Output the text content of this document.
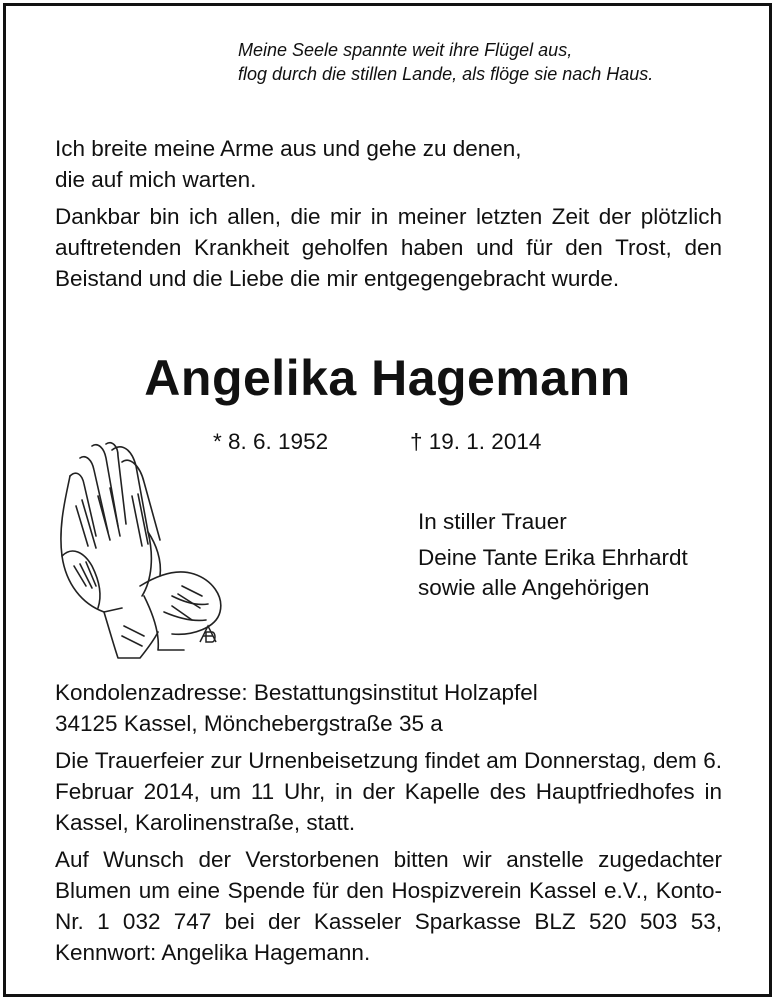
Meine Seele spannte weit ihre Flügel aus,

flog durch die stillen Lande, als flöge sie nach Haus.

Ich breite meine Arme aus und gehe zu denen,

die auf mich warten.

Dankbar bin ich allen, die mir in meiner letzten Zeit der plötzlich auftretenden Krankheit geholfen haben und für den Trost, den Beistand und die Liebe die mir entgegengebracht wurde.

Angelika Hagemann
* 8. 6. 1952	† 19. 1. 2014

In stiller Trauer

Deine Tante Erika Ehrhardt

sowie alle Angehörigen

Kondolenzadresse: Bestattungsinstitut Holzapfel

34125 Kassel, Mönchebergstraße 35 a

Die Trauerfeier zur Urnenbeisetzung findet am Donnerstag, dem 6. Februar 2014, um 11 Uhr, in der Kapelle des Hauptfriedhofes in Kassel, Karolinenstraße, statt.

Auf Wunsch der Verstorbenen bitten wir anstelle zugedachter Blumen um eine Spende für den Hospizverein Kassel e.V., Konto-Nr. 1 032 747 bei der Kasseler Sparkasse BLZ 520 503 53, Kennwort: Angelika Hagemann.
